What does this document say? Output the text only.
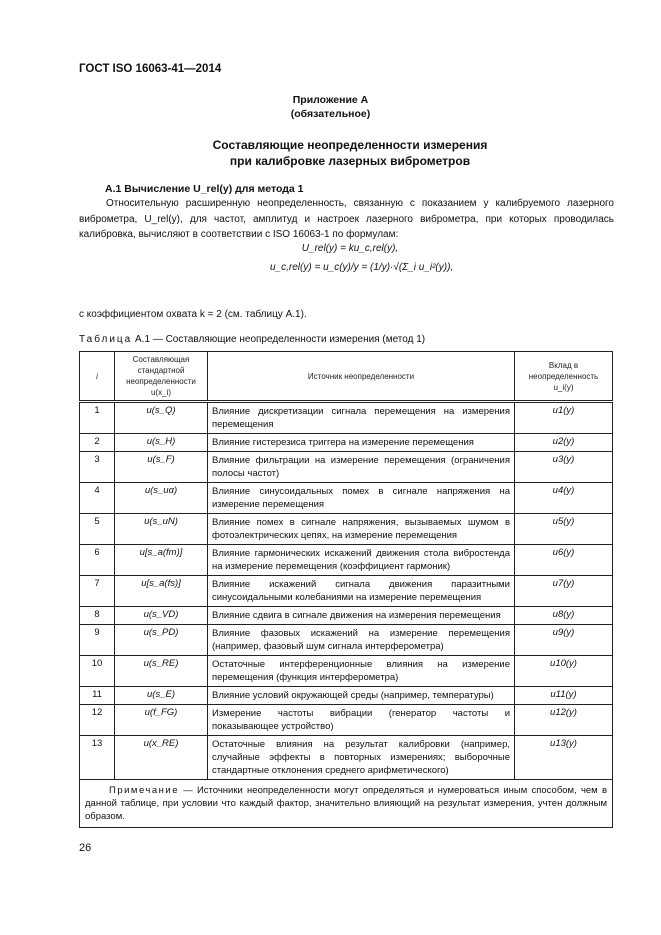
ГОСТ ISO 16063-41—2014
Приложение А
(обязательное)
Составляющие неопределенности измерения
при калибровке лазерных виброметров
А.1 Вычисление U_rel(y) для метода 1
Относительную расширенную неопределенность, связанную с показанием у калибруемого лазерного виброметра, U_rel(y), для частот, амплитуд и настроек лазерного виброметра, при которых проводилась калибровка, вычисляют в соответствии с ISO 16063-1 по формулам:
U_rel(y) = ku_c,rel(y),
u_c,rel(y) = u_c(y)/y = (1/y)·√(Σ_i u_i²(y)),
с коэффициентом охвата k = 2 (см. таблицу А.1).
Таблица А.1 — Составляющие неопределенности измерения (метод 1)
i	Составляющая стандартной неопределенности u(x_i)	Источник неопределенности	Вклад в неопределенность u_i(y)
1	u(s_Q)	Влияние дискретизации сигнала перемещения на измерения перемещения	u1(y)
2	u(s_H)	Влияние гистерезиса триггера на измерение перемещения	u2(y)
3	u(s_F)	Влияние фильтрации на измерение перемещения (ограничения полосы частот)	u3(y)
4	u(s_uα)	Влияние синусоидальных помех в сигнале напряжения на измерение перемещения	u4(y)
5	u(s_uN)	Влияние помех в сигнале напряжения, вызываемых шумом в фотоэлектрических цепях, на измерение перемещения	u5(y)
6	u[s_a(fm)]	Влияние гармонических искажений движения стола вибростенда на измерение перемещения (коэффициент гармоник)	u6(y)
7	u[s_a(fs)]	Влияние искажений сигнала движения паразитными синусоидальными колебаниями на измерение перемещения	u7(y)
8	u(s_VD)	Влияние сдвига в сигнале движения на измерения перемещения	u8(y)
9	u(s_PD)	Влияние фазовых искажений на измерение перемещения (например, фазовый шум сигнала интерферометра)	u9(y)
10	u(s_RE)	Остаточные интерференционные влияния на измерение перемещения (функция интерферометра)	u10(y)
11	u(s_E)	Влияние условий окружающей среды (например, температуры)	u11(y)
12	u(f_FG)	Измерение частоты вибрации (генератор частоты и показывающее устройство)	u12(y)
13	u(x_RE)	Остаточные влияния на результат калибровки (например, случайные эффекты в повторных измерениях; выборочные стандартные отклонения среднего арифметического)	u13(y)
Примечание — Источники неопределенности могут определяться и нумероваться иным способом, чем в данной таблице, при условии что каждый фактор, значительно влияющий на результат измерения, учтен должным образом.			
26
